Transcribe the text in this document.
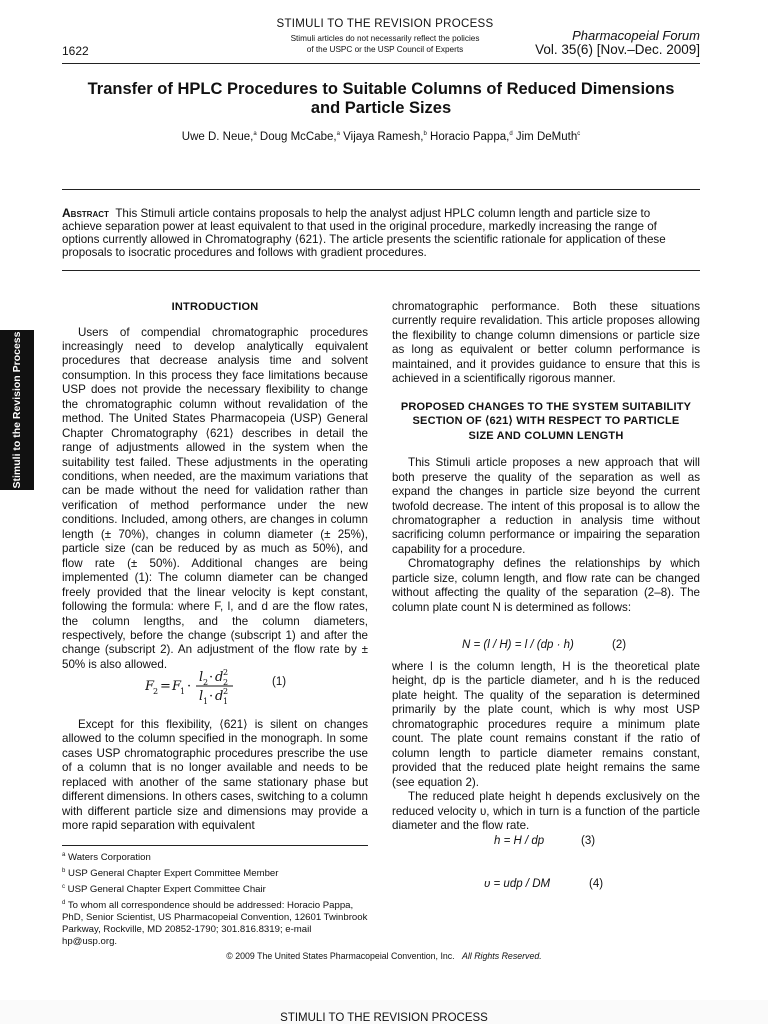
STIMULI TO THE REVISION PROCESS
Stimuli articles do not necessarily reflect the policies
of the USPC or the USP Council of Experts
1622
Pharmacopeial Forum
Vol. 35(6) [Nov.–Dec. 2009]
Transfer of HPLC Procedures to Suitable Columns of Reduced Dimensions
and Particle Sizes
Uwe D. Neue,$^a$ Doug McCabe,$^a$ Vijaya Ramesh,$^b$ Horacio Pappa,$^d$ Jim DeMuth$^c$
Abstract This Stimuli article contains proposals to help the analyst adjust HPLC column length and particle size to
achieve separation power at least equivalent to that used in the original procedure, markedly increasing the range of
options currently allowed in Chromatography ⟨621⟩. The article presents the scientific rationale for application of these
proposals to isocratic procedures and follows with gradient procedures.
Stimuli to the Revision Process
INTRODUCTION

Users of compendial chromatographic procedures increasingly need to develop analytically equivalent procedures that decrease analysis time and solvent consumption. In this process they face limitations because USP does not provide the necessary flexibility to change the chromatographic column without revalidation of the method. The United States Pharmacopeia (USP) General Chapter Chromatography ⟨621⟩ describes in detail the range of adjustments allowed in the system when the suitability test failed. These adjustments in the operating conditions, when needed, are the maximum variations that can be made without the need for validation rather than verification of method performance under the new conditions. Included, among others, are changes in column length (± 70%), changes in column diameter (± 25%), particle size (can be reduced by as much as 50%), and flow rate (± 50%). Additional changes are being implemented (1): The column diameter can be changed freely provided that the linear velocity is kept constant, following the formula: where F, l, and d are the flow rates, the column lengths, and the column diameters, respectively, before the change (subscript 1) and after the change (subscript 2). An adjustment of the flow rate by ± 50% is also allowed.

F
2 = F
1 ·
l 2 · d 2
2
l 1 · d 2
1
(1)

Except for this flexibility, ⟨621⟩ is silent on changes allowed to the column specified in the monograph. In some cases USP chromatographic procedures prescribe the use of a column that is no longer available and needs to be replaced with another of the same stationary phase but different dimensions. In others cases, switching to a column with different particle size and dimensions may provide a more rapid separation with equivalent

$^a$ Waters Corporation
$^b$ USP General Chapter Expert Committee Member
$^c$ USP General Chapter Expert Committee Chair
$^d$ To whom all correspondence should be addressed: Horacio Pappa, PhD, Senior Scientist, US Pharmacopeial Convention, 12601 Twinbrook Parkway, Rockville, MD 20852-1790; 301.816.8319; e-mail hp@usp.org.

chromatographic performance. Both these situations currently require revalidation. This article proposes allowing the flexibility to change column dimensions or particle size as long as equivalent or better column performance is maintained, and it provides guidance to ensure that this is achieved in a scientifically rigorous manner.

PROPOSED CHANGES TO THE SYSTEM SUITABILITY
SECTION OF ⟨621⟩ WITH RESPECT TO PARTICLE
SIZE AND COLUMN LENGTH

This Stimuli article proposes a new approach that will both preserve the quality of the separation as well as expand the changes in particle size beyond the current twofold decrease. The intent of this proposal is to allow the chromatographer a reduction in analysis time without sacrificing column performance or impairing the separation capability for a procedure.

Chromatography defines the relationships by which particle size, column length, and flow rate can be changed without affecting the quality of the separation (2–8). The column plate count N is determined as follows:

N = (l / H) = l / (dp · h)	(2)

where l is the column length, H is the theoretical plate height, dp is the particle diameter, and h is the reduced plate height. The quality of the separation is determined primarily by the plate count, which is why most USP chromatographic procedures require a minimum plate count. The plate count remains constant if the ratio of column length to particle diameter remains constant, provided that the reduced plate height remains the same (see equation 2).

The reduced plate height h depends exclusively on the reduced velocity υ, which in turn is a function of the particle diameter and the flow rate.

h = H / dp	(3)
υ = udp / DM	(4)
© 2009 The United States Pharmacopeial Convention, Inc. All Rights Reserved.
STIMULI TO THE REVISION PROCESS
